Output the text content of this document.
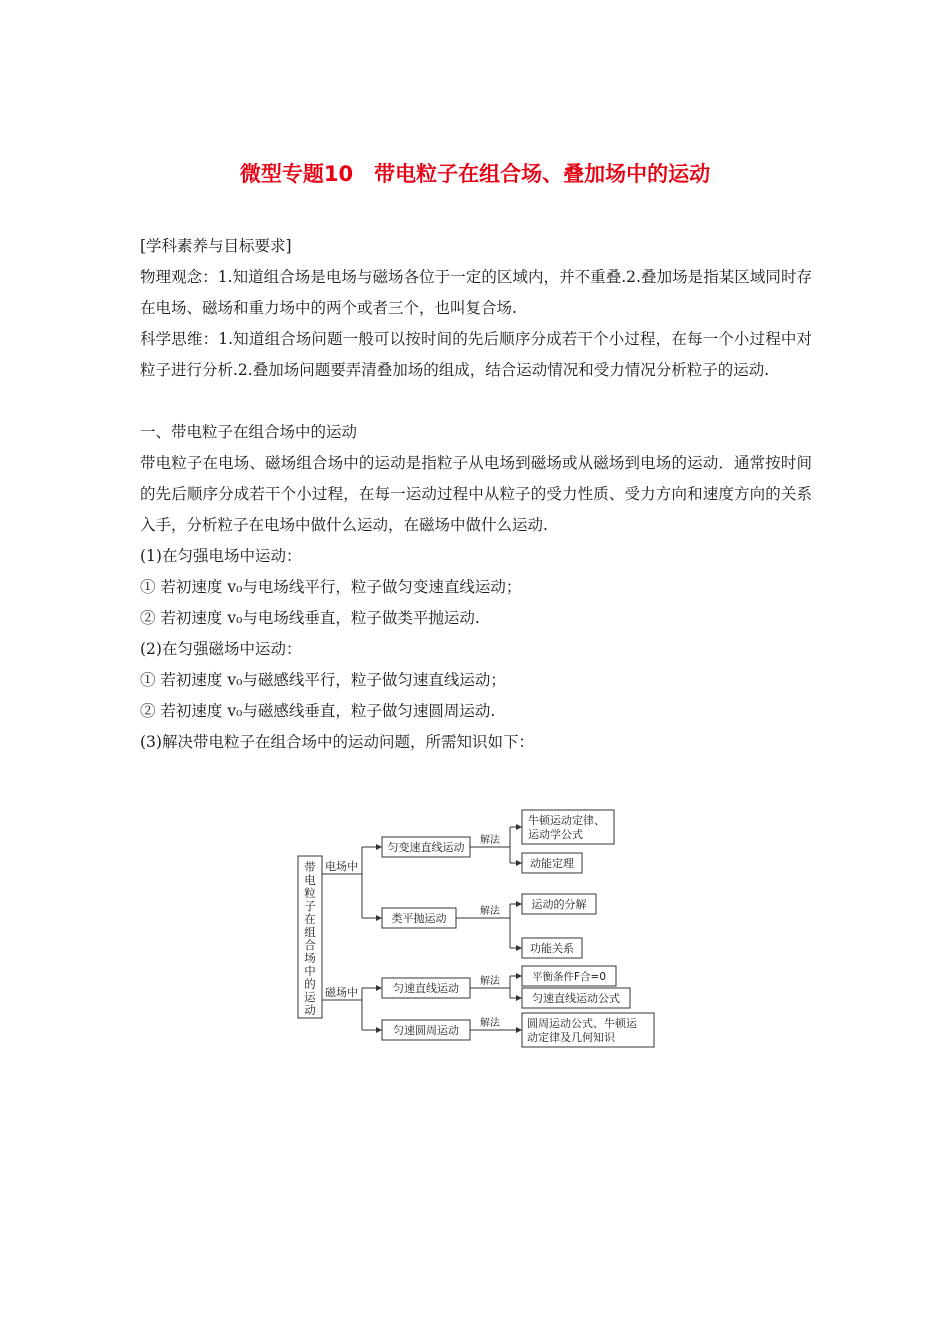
微型专题10　带电粒子在组合场、叠加场中的运动

[学科素养与目标要求]

物理观念：1.知道组合场是电场与磁场各位于一定的区域内，并不重叠.2.叠加场是指某区域同时存在电场、磁场和重力场中的两个或者三个，也叫复合场.

科学思维：1.知道组合场问题一般可以按时间的先后顺序分成若干个小过程，在每一个小过程中对粒子进行分析.2.叠加场问题要弄清叠加场的组成，结合运动情况和受力情况分析粒子的运动.

一、带电粒子在组合场中的运动

带电粒子在电场、磁场组合场中的运动是指粒子从电场到磁场或从磁场到电场的运动．通常按时间的先后顺序分成若干个小过程，在每一运动过程中从粒子的受力性质、受力方向和速度方向的关系入手，分析粒子在电场中做什么运动，在磁场中做什么运动.

(1)在匀强电场中运动：

① 若初速度 v₀与电场线平行，粒子做匀变速直线运动；

② 若初速度 v₀与电场线垂直，粒子做类平抛运动.

(2)在匀强磁场中运动：

① 若初速度 v₀与磁感线平行，粒子做匀速直线运动；

② 若初速度 v₀与磁感线垂直，粒子做匀速圆周运动.

(3)解决带电粒子在组合场中的运动问题，所需知识如下：

带
电
粒
子
在
组
合
场
中
的
运
动
电场中
磁场中
匀变速直线运动
类平抛运动
匀速直线运动
匀速圆周运动
解法
解法
解法
解法
牛顿运动定律、
运动学公式
动能定理
运动的分解
功能关系
平衡条件F合=0
匀速直线运动公式
圆周运动公式、牛顿运
动定律及几何知识
